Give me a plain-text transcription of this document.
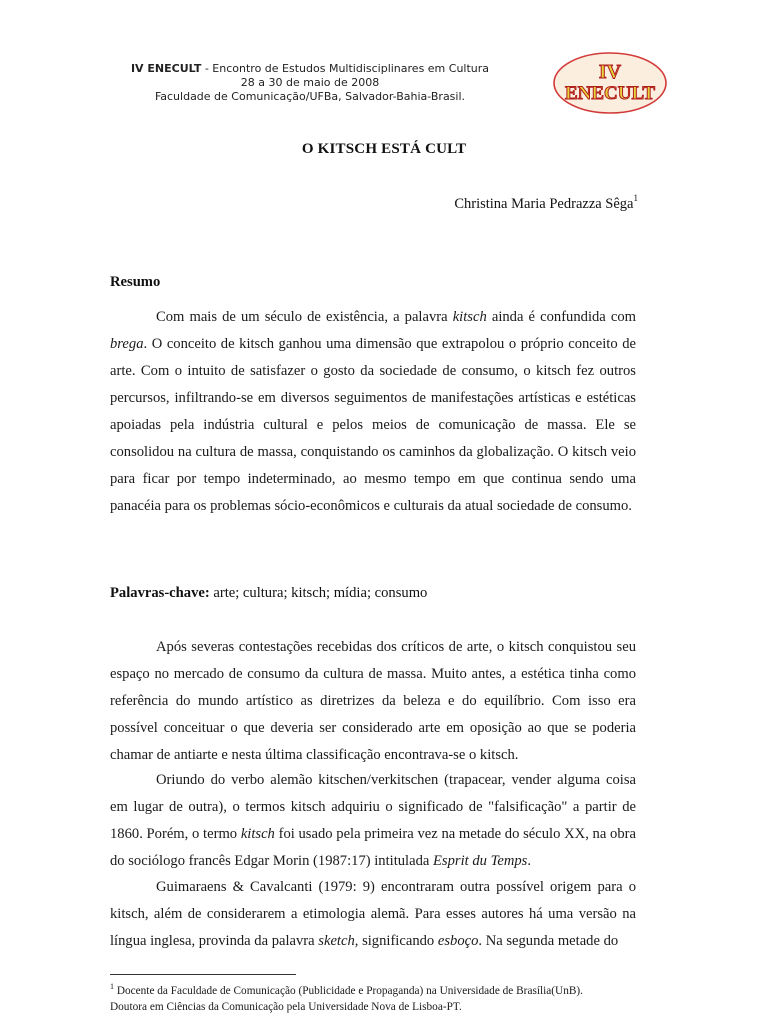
IV ENECULT - Encontro de Estudos Multidisciplinares em Cultura
28 a 30 de maio de 2008
Faculdade de Comunicação/UFBa, Salvador-Bahia-Brasil.
IV
ENECULT
O KITSCH ESTÁ CULT
Christina Maria Pedrazza Sêga$^1$
Resumo

Com mais de um século de existência, a palavra kitsch ainda é confundida com brega. O conceito de kitsch ganhou uma dimensão que extrapolou o próprio conceito de arte. Com o intuito de satisfazer o gosto da sociedade de consumo, o kitsch fez outros percursos, infiltrando-se em diversos seguimentos de manifestações artísticas e estéticas apoiadas pela indústria cultural e pelos meios de comunicação de massa. Ele se consolidou na cultura de massa, conquistando os caminhos da globalização. O kitsch veio para ficar por tempo indeterminado, ao mesmo tempo em que continua sendo uma panacéia para os problemas sócio-econômicos e culturais da atual sociedade de consumo.

Palavras-chave: arte; cultura; kitsch; mídia; consumo

Após severas contestações recebidas dos críticos de arte, o kitsch conquistou seu espaço no mercado de consumo da cultura de massa. Muito antes, a estética tinha como referência do mundo artístico as diretrizes da beleza e do equilíbrio. Com isso era possível conceituar o que deveria ser considerado arte em oposição ao que se poderia chamar de antiarte e nesta última classificação encontrava-se o kitsch.

Oriundo do verbo alemão kitschen/verkitschen (trapacear, vender alguma coisa em lugar de outra), o termos kitsch adquiriu o significado de "falsificação" a partir de 1860. Porém, o termo kitsch foi usado pela primeira vez na metade do século XX, na obra do sociólogo francês Edgar Morin (1987:17) intitulada Esprit du Temps.

Guimaraens & Cavalcanti (1979: 9) encontraram outra possível origem para o kitsch, além de considerarem a etimologia alemã. Para esses autores há uma versão na língua inglesa, provinda da palavra sketch, significando esboço. Na segunda metade do

$^1$ Docente da Faculdade de Comunicação (Publicidade e Propaganda) na Universidade de Brasília(UnB).
Doutora em Ciências da Comunicação pela Universidade Nova de Lisboa-PT.
